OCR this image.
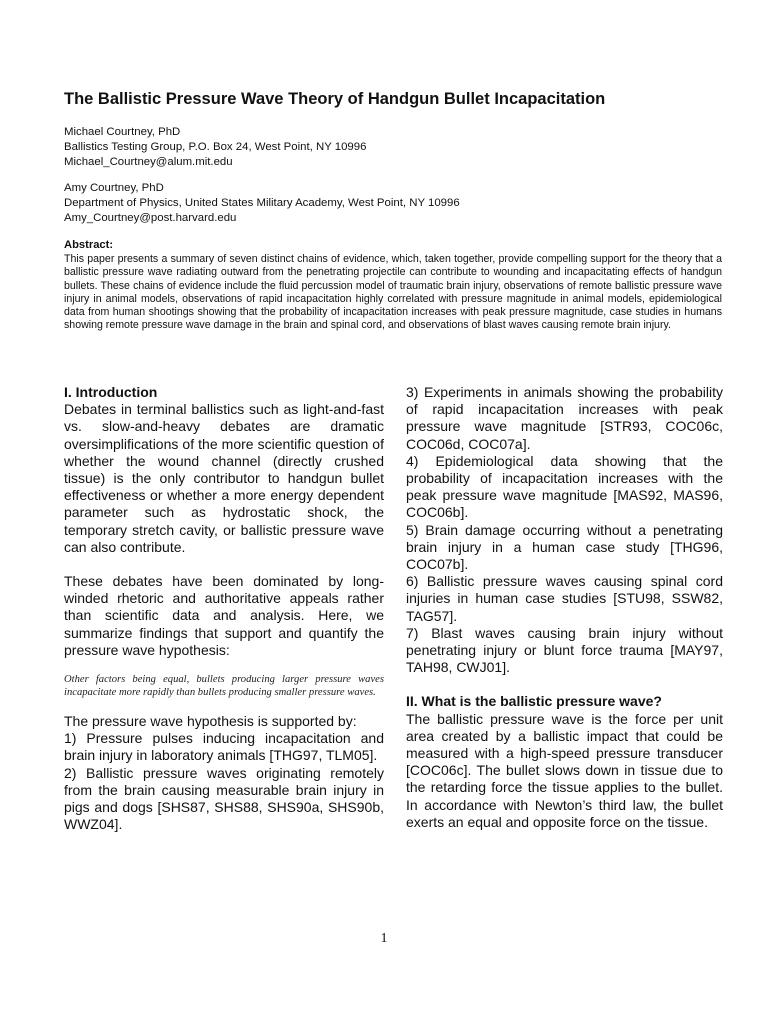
The Ballistic Pressure Wave Theory of Handgun Bullet Incapacitation
Michael Courtney, PhD
Ballistics Testing Group, P.O. Box 24, West Point, NY 10996
Michael_Courtney@alum.mit.edu
Amy Courtney, PhD
Department of Physics, United States Military Academy, West Point, NY 10996
Amy_Courtney@post.harvard.edu
Abstract:
This paper presents a summary of seven distinct chains of evidence, which, taken together, provide compelling support for the theory that a ballistic pressure wave radiating outward from the penetrating projectile can contribute to wounding and incapacitating effects of handgun bullets. These chains of evidence include the fluid percussion model of traumatic brain injury, observations of remote ballistic pressure wave injury in animal models, observations of rapid incapacitation highly correlated with pressure magnitude in animal models, epidemiological data from human shootings showing that the probability of incapacitation increases with peak pressure magnitude, case studies in humans showing remote pressure wave damage in the brain and spinal cord, and observations of blast waves causing remote brain injury.
I. Introduction

Debates in terminal ballistics such as light-and-fast vs. slow-and-heavy debates are dramatic oversimplifications of the more scientific question of whether the wound channel (directly crushed tissue) is the only contributor to handgun bullet effectiveness or whether a more energy dependent parameter such as hydrostatic shock, the temporary stretch cavity, or ballistic pressure wave can also contribute.

These debates have been dominated by long-winded rhetoric and authoritative appeals rather than scientific data and analysis. Here, we summarize findings that support and quantify the pressure wave hypothesis:

Other factors being equal, bullets producing larger pressure waves incapacitate more rapidly than bullets producing smaller pressure waves.

The pressure wave hypothesis is supported by:

1) Pressure pulses inducing incapacitation and brain injury in laboratory animals [THG97, TLM05].

2) Ballistic pressure waves originating remotely from the brain causing measurable brain injury in pigs and dogs [SHS87, SHS88, SHS90a, SHS90b, WWZ04].

3) Experiments in animals showing the probability of rapid incapacitation increases with peak pressure wave magnitude [STR93, COC06c, COC06d, COC07a].

4) Epidemiological data showing that the probability of incapacitation increases with the peak pressure wave magnitude [MAS92, MAS96, COC06b].

5) Brain damage occurring without a penetrating brain injury in a human case study [THG96, COC07b].

6) Ballistic pressure waves causing spinal cord injuries in human case studies [STU98, SSW82, TAG57].

7) Blast waves causing brain injury without penetrating injury or blunt force trauma [MAY97, TAH98, CWJ01].

II. What is the ballistic pressure wave?

The ballistic pressure wave is the force per unit area created by a ballistic impact that could be measured with a high-speed pressure transducer [COC06c]. The bullet slows down in tissue due to the retarding force the tissue applies to the bullet. In accordance with Newton’s third law, the bullet exerts an equal and opposite force on the tissue.

1
